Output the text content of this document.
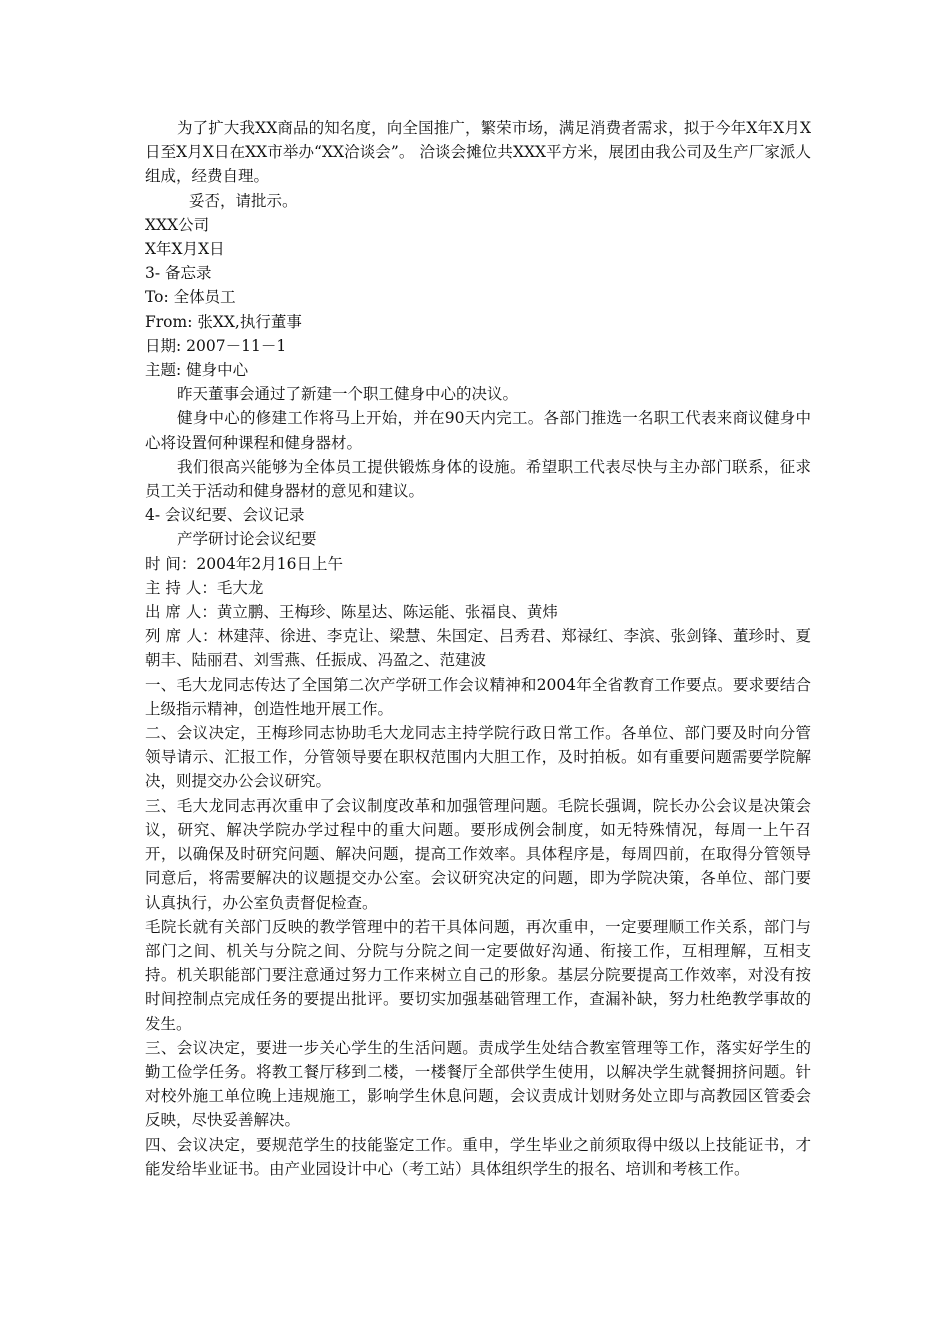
为了扩大我XX商品的知名度，向全国推广，繁荣市场，满足消费者需求，拟于今年X年X月X日至X月X日在XX市举办“XX洽谈会”。 洽谈会摊位共XXX平方米，展团由我公司及生产厂家派人组成，经费自理。

妥否，请批示。

XXX公司

X年X月X日

3- 备忘录

To: 全体员工

From: 张XX,执行董事

日期: 2007－11－1

主题: 健身中心

昨天董事会通过了新建一个职工健身中心的决议。

健身中心的修建工作将马上开始，并在90天内完工。各部门推选一名职工代表来商议健身中心将设置何种课程和健身器材。

我们很高兴能够为全体员工提供锻炼身体的设施。希望职工代表尽快与主办部门联系，征求员工关于活动和健身器材的意见和建议。

4- 会议纪要、会议记录

产学研讨论会议纪要

时 间：2004年2月16日上午

主 持 人：毛大龙

出 席 人：黄立鹏、王梅珍、陈星达、陈运能、张福良、黄炜

列 席 人：林建萍、徐进、李克让、梁慧、朱国定、吕秀君、郑禄红、李滨、张剑锋、董珍时、夏朝丰、陆丽君、刘雪燕、任振成、冯盈之、范建波

一、毛大龙同志传达了全国第二次产学研工作会议精神和2004年全省教育工作要点。要求要结合上级指示精神，创造性地开展工作。

二、会议决定，王梅珍同志协助毛大龙同志主持学院行政日常工作。各单位、部门要及时向分管领导请示、汇报工作，分管领导要在职权范围内大胆工作，及时拍板。如有重要问题需要学院解决，则提交办公会议研究。

三、毛大龙同志再次重申了会议制度改革和加强管理问题。毛院长强调，院长办公会议是决策会议，研究、解决学院办学过程中的重大问题。要形成例会制度，如无特殊情况，每周一上午召开，以确保及时研究问题、解决问题，提高工作效率。具体程序是，每周四前，在取得分管领导同意后，将需要解决的议题提交办公室。会议研究决定的问题，即为学院决策，各单位、部门要认真执行，办公室负责督促检查。

毛院长就有关部门反映的教学管理中的若干具体问题，再次重申，一定要理顺工作关系，部门与部门之间、机关与分院之间、分院与分院之间一定要做好沟通、衔接工作，互相理解，互相支持。机关职能部门要注意通过努力工作来树立自己的形象。基层分院要提高工作效率，对没有按时间控制点完成任务的要提出批评。要切实加强基础管理工作，查漏补缺，努力杜绝教学事故的发生。

三、会议决定，要进一步关心学生的生活问题。责成学生处结合教室管理等工作，落实好学生的勤工俭学任务。将教工餐厅移到二楼，一楼餐厅全部供学生使用，以解决学生就餐拥挤问题。针对校外施工单位晚上违规施工，影响学生休息问题，会议责成计划财务处立即与高教园区管委会反映，尽快妥善解决。

四、会议决定，要规范学生的技能鉴定工作。重申，学生毕业之前须取得中级以上技能证书，才能发给毕业证书。由产业园设计中心（考工站）具体组织学生的报名、培训和考核工作。
